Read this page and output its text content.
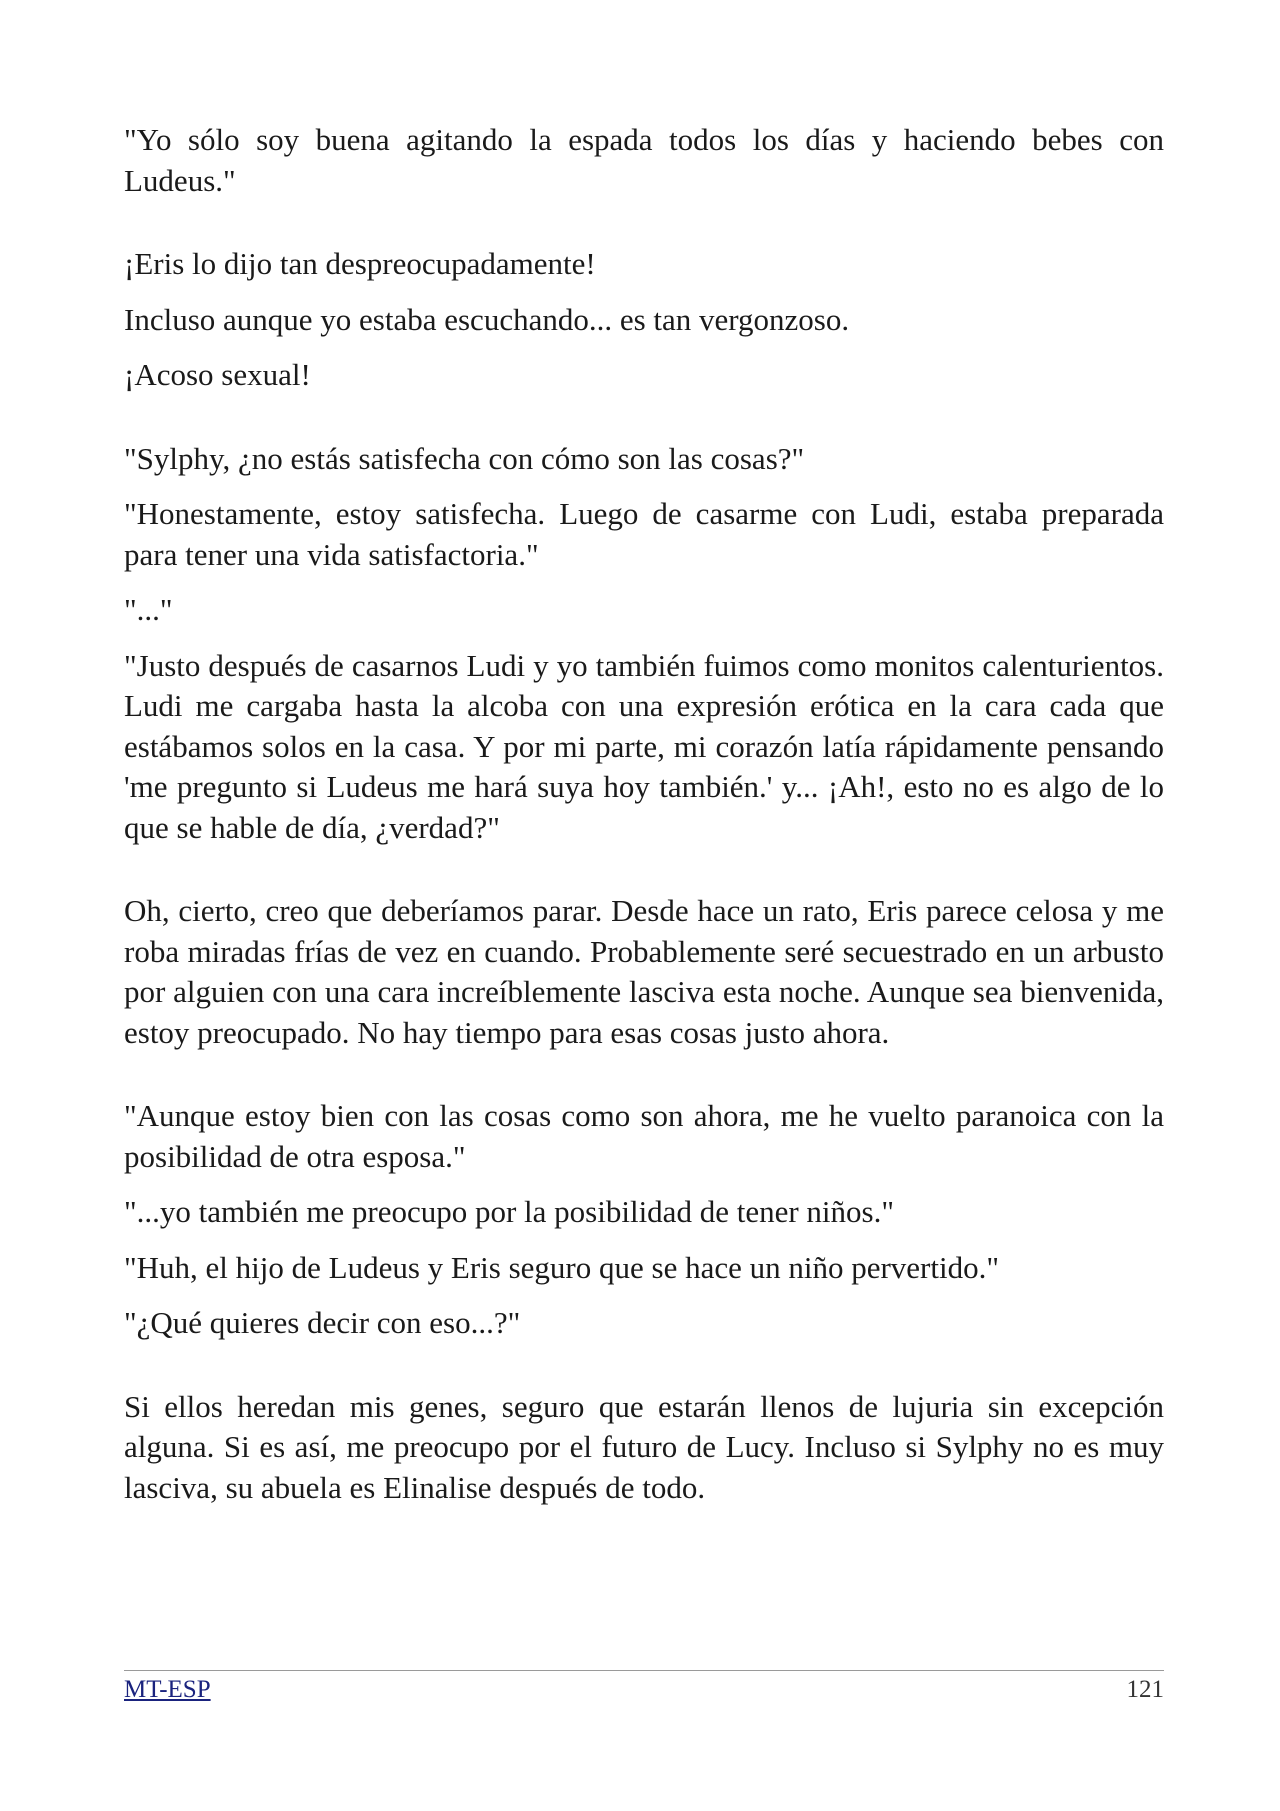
"Yo sólo soy buena agitando la espada todos los días y haciendo bebes con Ludeus."

¡Eris lo dijo tan despreocupadamente!

Incluso aunque yo estaba escuchando... es tan vergonzoso.

¡Acoso sexual!

"Sylphy, ¿no estás satisfecha con cómo son las cosas?"

"Honestamente, estoy satisfecha. Luego de casarme con Ludi, estaba preparada para tener una vida satisfactoria."

"..."

"Justo después de casarnos Ludi y yo también fuimos como monitos calenturientos. Ludi me cargaba hasta la alcoba con una expresión erótica en la cara cada que estábamos solos en la casa. Y por mi parte, mi corazón latía rápidamente pensando 'me pregunto si Ludeus me hará suya hoy también.' y... ¡Ah!, esto no es algo de lo que se hable de día, ¿verdad?"

Oh, cierto, creo que deberíamos parar. Desde hace un rato, Eris parece celosa y me roba miradas frías de vez en cuando. Probablemente seré secuestrado en un arbusto por alguien con una cara increíblemente lasciva esta noche. Aunque sea bienvenida, estoy preocupado. No hay tiempo para esas cosas justo ahora.

"Aunque estoy bien con las cosas como son ahora, me he vuelto paranoica con la posibilidad de otra esposa."

"...yo también me preocupo por la posibilidad de tener niños."

"Huh, el hijo de Ludeus y Eris seguro que se hace un niño pervertido."

"¿Qué quieres decir con eso...?"

Si ellos heredan mis genes, seguro que estarán llenos de lujuria sin excepción alguna. Si es así, me preocupo por el futuro de Lucy. Incluso si Sylphy no es muy lasciva, su abuela es Elinalise después de todo.

MT-ESP	121
